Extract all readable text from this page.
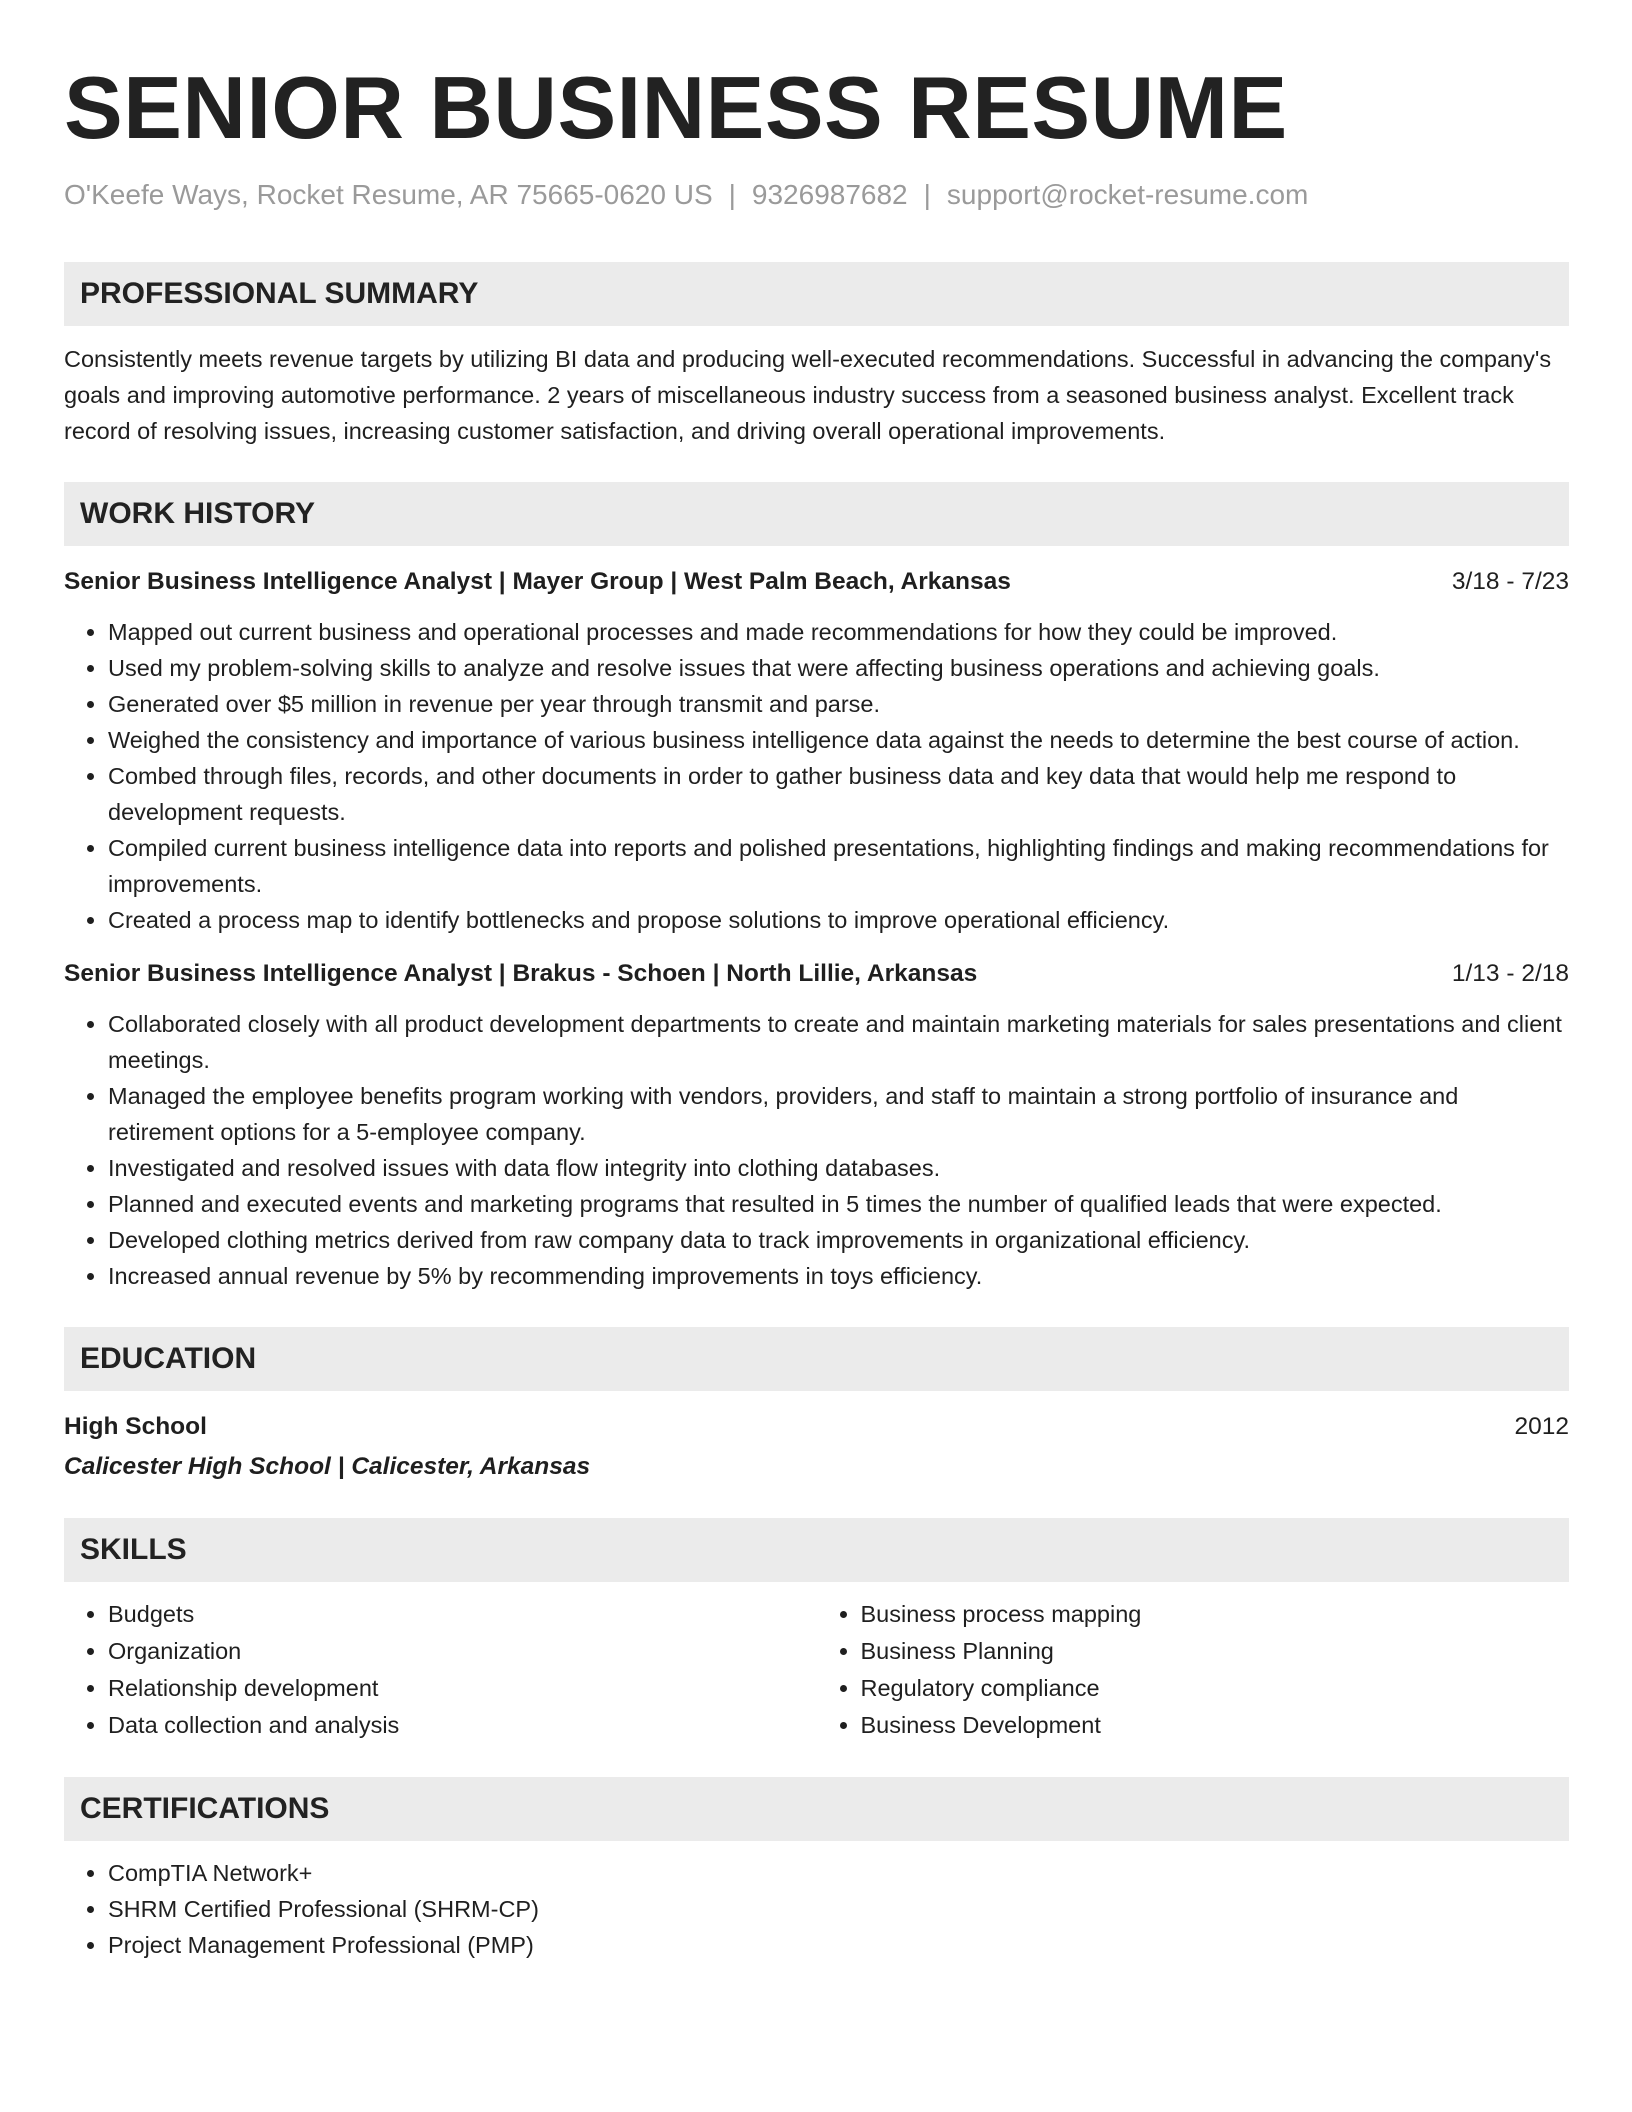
SENIOR BUSINESS RESUME
O'Keefe Ways, Rocket Resume, AR 75665-0620 US | 9326987682 | support@rocket-resume.com
PROFESSIONAL SUMMARY
Consistently meets revenue targets by utilizing BI data and producing well-executed recommendations. Successful in advancing the company's goals and improving automotive performance. 2 years of miscellaneous industry success from a seasoned business analyst. Excellent track record of resolving issues, increasing customer satisfaction, and driving overall operational improvements.
WORK HISTORY
Senior Business Intelligence Analyst | Mayer Group | West Palm Beach, Arkansas	3/18 - 7/23
• Mapped out current business and operational processes and made recommendations for how they could be improved.
• Used my problem-solving skills to analyze and resolve issues that were affecting business operations and achieving goals.
• Generated over $5 million in revenue per year through transmit and parse.
• Weighed the consistency and importance of various business intelligence data against the needs to determine the best course of action.
• Combed through files, records, and other documents in order to gather business data and key data that would help me respond to development requests.
• Compiled current business intelligence data into reports and polished presentations, highlighting findings and making recommendations for improvements.
• Created a process map to identify bottlenecks and propose solutions to improve operational efficiency.
Senior Business Intelligence Analyst | Brakus - Schoen | North Lillie, Arkansas	1/13 - 2/18
• Collaborated closely with all product development departments to create and maintain marketing materials for sales presentations and client meetings.
• Managed the employee benefits program working with vendors, providers, and staff to maintain a strong portfolio of insurance and retirement options for a 5-employee company.
• Investigated and resolved issues with data flow integrity into clothing databases.
• Planned and executed events and marketing programs that resulted in 5 times the number of qualified leads that were expected.
• Developed clothing metrics derived from raw company data to track improvements in organizational efficiency.
• Increased annual revenue by 5% by recommending improvements in toys efficiency.
EDUCATION
High School	2012
Calicester High School | Calicester, Arkansas
SKILLS
• Budgets
• Organization
• Relationship development
• Data collection and analysis
• Business process mapping
• Business Planning
• Regulatory compliance
• Business Development
CERTIFICATIONS
• CompTIA Network+
• SHRM Certified Professional (SHRM-CP)
• Project Management Professional (PMP)
